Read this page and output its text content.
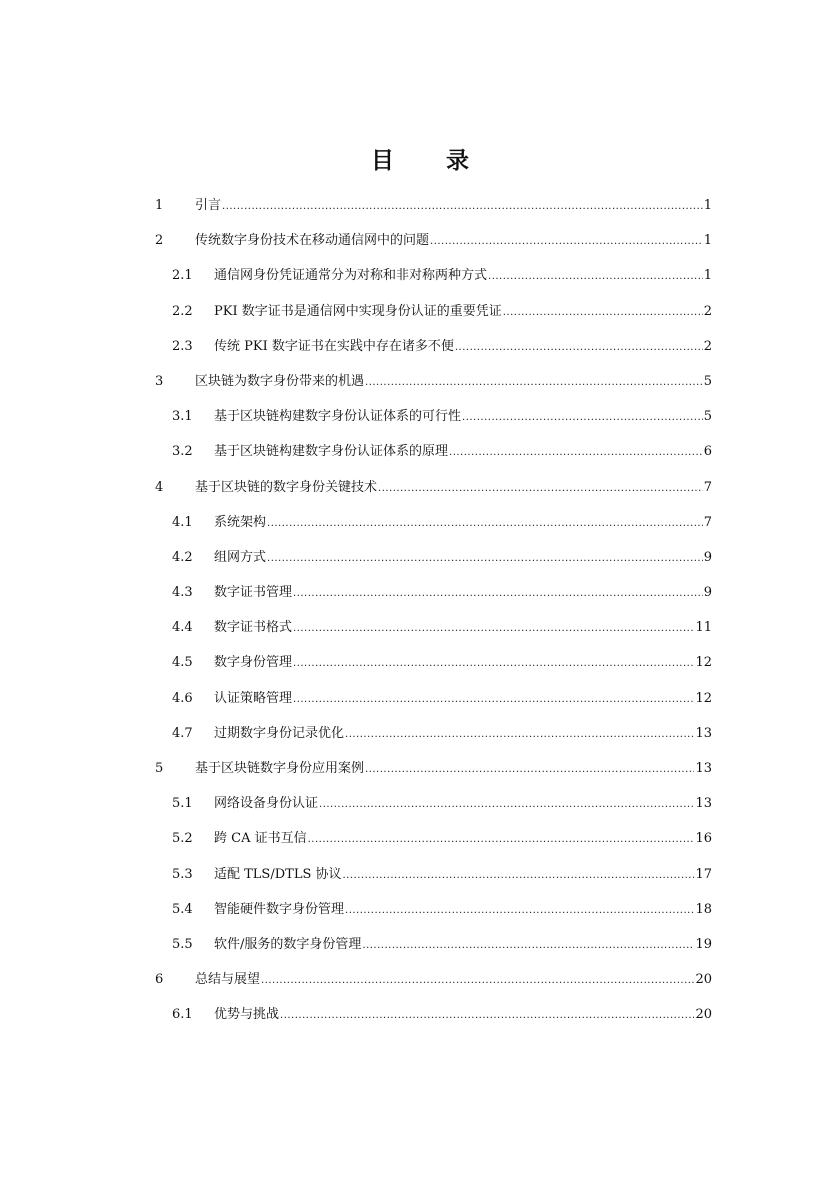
目 录
1	引言 .....	1
2	传统数字身份技术在移动通信网中的问题 .....	1
2.1	通信网身份凭证通常分为对称和非对称两种方式 .....	1
2.2	PKI 数字证书是通信网中实现身份认证的重要凭证 .....	2
2.3	传统 PKI 数字证书在实践中存在诸多不便 .....	2
3	区块链为数字身份带来的机遇 .....	5
3.1	基于区块链构建数字身份认证体系的可行性 .....	5
3.2	基于区块链构建数字身份认证体系的原理 .....	6
4	基于区块链的数字身份关键技术 .....	7
4.1	系统架构 .....	7
4.2	组网方式 .....	9
4.3	数字证书管理 .....	9
4.4	数字证书格式 .....	11
4.5	数字身份管理 .....	12
4.6	认证策略管理 .....	12
4.7	过期数字身份记录优化 .....	13
5	基于区块链数字身份应用案例 .....	13
5.1	网络设备身份认证 .....	13
5.2	跨 CA 证书互信 .....	16
5.3	适配 TLS/DTLS 协议 .....	17
5.4	智能硬件数字身份管理 .....	18
5.5	软件/服务的数字身份管理 .....	19
6	总结与展望 .....	20
6.1	优势与挑战 .....	20
